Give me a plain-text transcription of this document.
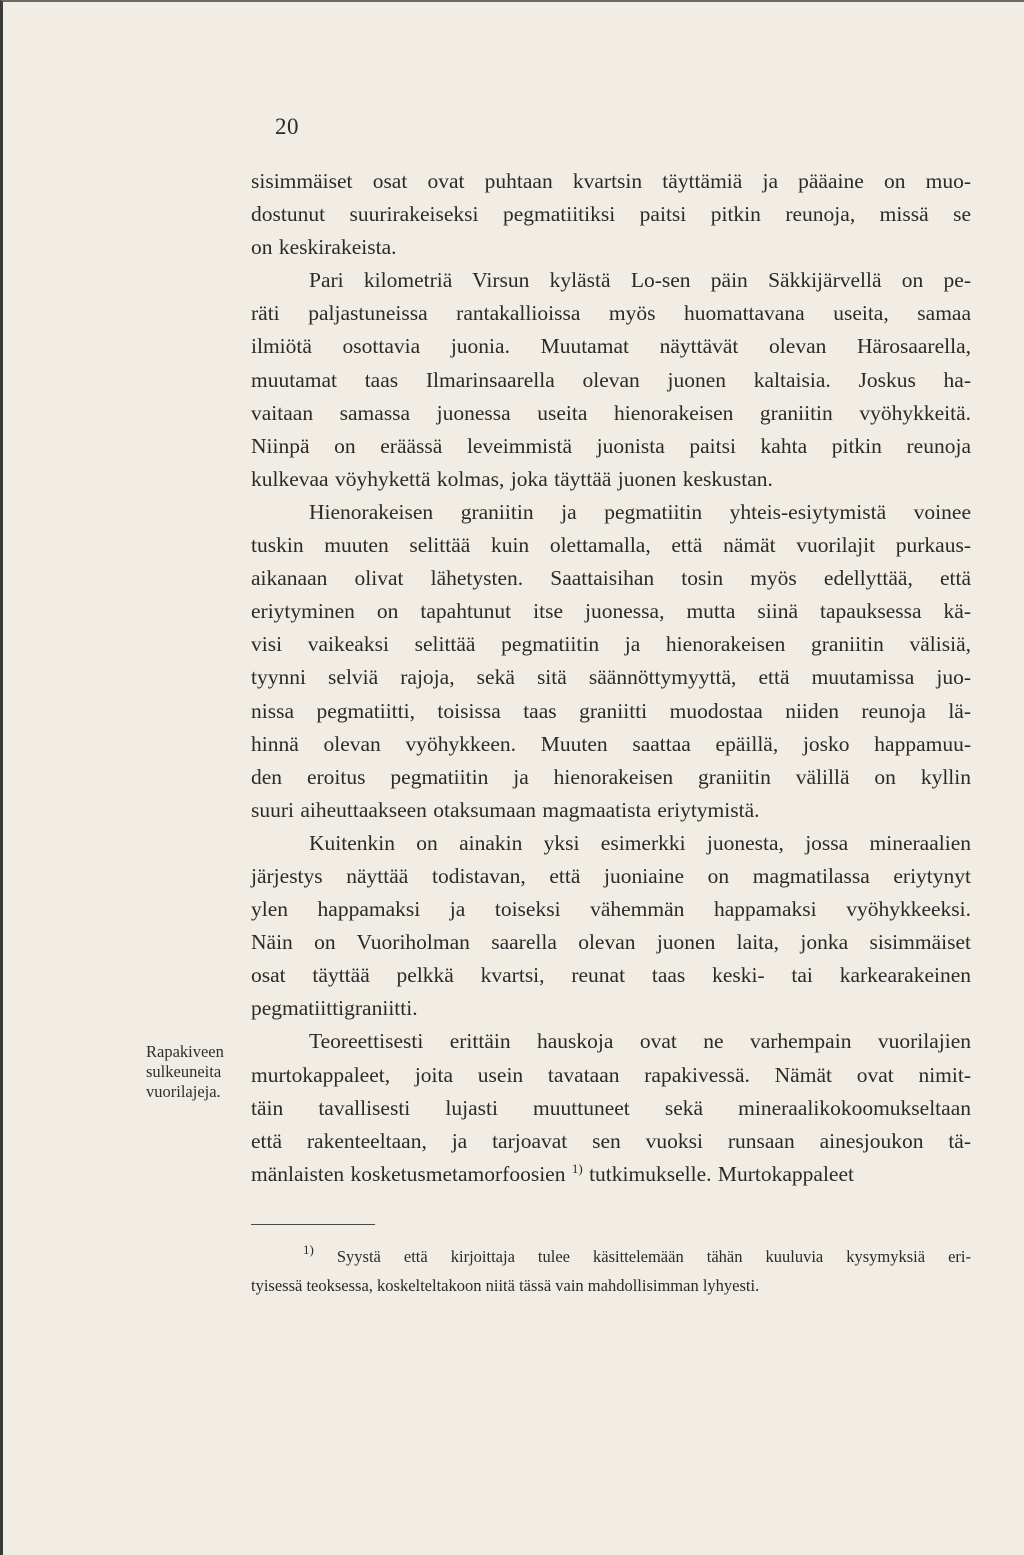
20

sisimmäiset osat ovat puhtaan kvartsin täyttämiä ja pääaine on muo-
dostunut suurirakeiseksi pegmatiitiksi paitsi pitkin reunoja, missä se
on keskirakeista.

Pari kilometriä Virsun kylästä Lo-sen päin Säkkijärvellä on pe-
räti paljastuneissa rantakallioissa myös huomattavana useita, samaa
ilmiötä osottavia juonia. Muutamat näyttävät olevan Härosaarella,
muutamat taas Ilmarinsaarella olevan juonen kaltaisia. Joskus ha-
vaitaan samassa juonessa useita hienorakeisen graniitin vyöhykkeitä.
Niinpä on eräässä leveimmistä juonista paitsi kahta pitkin reunoja
kulkevaa vöyhykettä kolmas, joka täyttää juonen keskustan.

Hienorakeisen graniitin ja pegmatiitin yhteis-esiytymistä voinee
tuskin muuten selittää kuin olettamalla, että nämät vuorilajit purkaus-
aikanaan olivat lähetysten. Saattaisihan tosin myös edellyttää, että
eriytyminen on tapahtunut itse juonessa, mutta siinä tapauksessa kä-
visi vaikeaksi selittää pegmatiitin ja hienorakeisen graniitin välisiä,
tyynni selviä rajoja, sekä sitä säännöttymyyttä, että muutamissa juo-
nissa pegmatiitti, toisissa taas graniitti muodostaa niiden reunoja lä-
hinnä olevan vyöhykkeen. Muuten saattaa epäillä, josko happamuu-
den eroitus pegmatiitin ja hienorakeisen graniitin välillä on kyllin
suuri aiheuttaakseen otaksumaan magmaatista eriytymistä.

Kuitenkin on ainakin yksi esimerkki juonesta, jossa mineraalien
järjestys näyttää todistavan, että juoniaine on magmatilassa eriytynyt
ylen happamaksi ja toiseksi vähemmän happamaksi vyöhykkeeksi.
Näin on Vuoriholman saarella olevan juonen laita, jonka sisimmäiset
osat täyttää pelkkä kvartsi, reunat taas keski- tai karkearakeinen
pegmatiittigraniitti.

Teoreettisesti erittäin hauskoja ovat ne varhempain vuorilajien
murtokappaleet, joita usein tavataan rapakivessä. Nämät ovat nimit-
täin tavallisesti lujasti muuttuneet sekä mineraalikokoomukseltaan
että rakenteeltaan, ja tarjoavat sen vuoksi runsaan ainesjoukon tä-
mänlaisten kosketusmetamorfoosien $^{1)}$ tutkimukselle. Murtokappaleet

Rapakiveen
sulkeuneita
vuorilajeja.
$^{1)}$ Syystä että kirjoittaja tulee käsittelemään tähän kuuluvia kysymyksiä eri-
tyisessä teoksessa, koskelteltakoon niitä tässä vain mahdollisimman lyhyesti.
